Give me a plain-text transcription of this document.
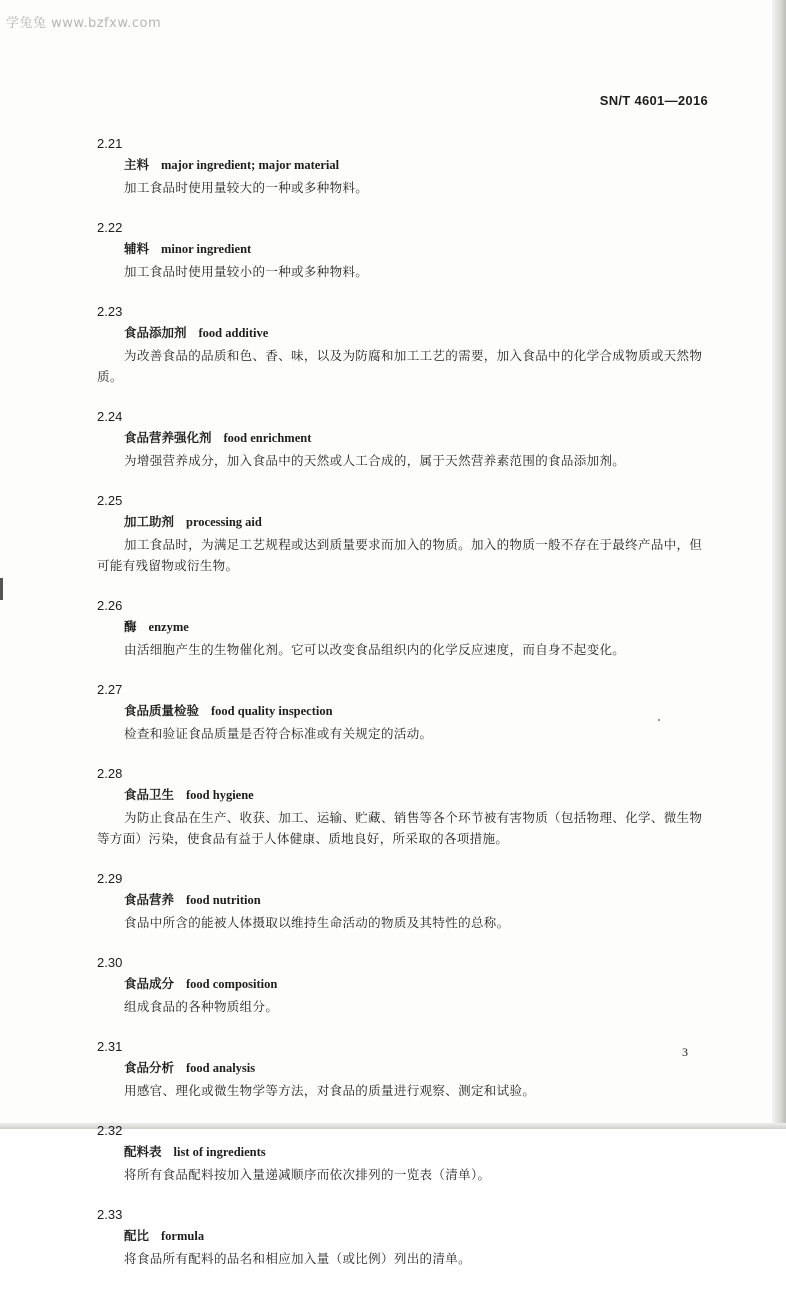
学兔兔 www.bzfxw.com
SN/T 4601—2016
2.21
主料 major ingredient; major material
加工食品时使用量较大的一种或多种物料。
2.22
辅料 minor ingredient
加工食品时使用量较小的一种或多种物料。
2.23
食品添加剂 food additive
为改善食品的品质和色、香、味，以及为防腐和加工工艺的需要，加入食品中的化学合成物质或天然物质。
2.24
食品营养强化剂 food enrichment
为增强营养成分，加入食品中的天然或人工合成的，属于天然营养素范围的食品添加剂。
2.25
加工助剂 processing aid
加工食品时，为满足工艺规程或达到质量要求而加入的物质。加入的物质一般不存在于最终产品中，但可能有残留物或衍生物。
2.26
酶 enzyme
由活细胞产生的生物催化剂。它可以改变食品组织内的化学反应速度，而自身不起变化。
2.27
食品质量检验 food quality inspection
检查和验证食品质量是否符合标准或有关规定的活动。
2.28
食品卫生 food hygiene
为防止食品在生产、收获、加工、运输、贮藏、销售等各个环节被有害物质（包括物理、化学、微生物等方面）污染，使食品有益于人体健康、质地良好，所采取的各项措施。
2.29
食品营养 food nutrition
食品中所含的能被人体摄取以维持生命活动的物质及其特性的总称。
2.30
食品成分 food composition
组成食品的各种物质组分。
2.31
食品分析 food analysis
用感官、理化或微生物学等方法，对食品的质量进行观察、测定和试验。
2.32
配料表 list of ingredients
将所有食品配料按加入量递减顺序而依次排列的一览表（清单）。
2.33
配比 formula
将食品所有配料的品名和相应加入量（或比例）列出的清单。
3
